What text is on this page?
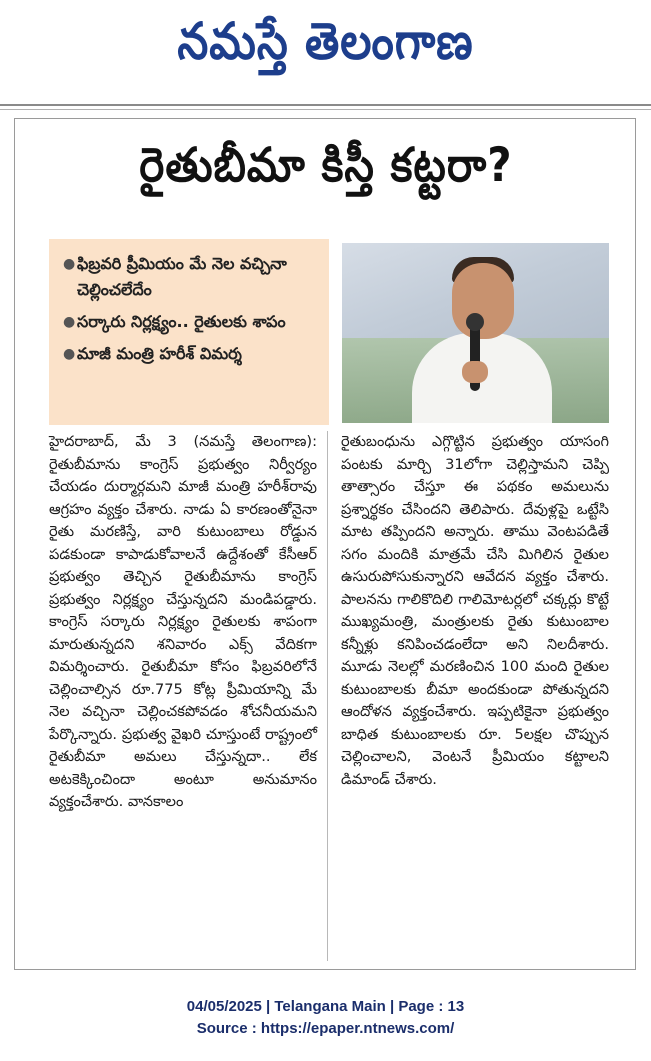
నమస్తే తెలంగాణ
రైతుబీమా కిస్తీ కట్టరా?
● ఫిబ్రవరి ప్రీమియం మే నెల వచ్చినా చెల్లించలేదేం
● సర్కారు నిర్లక్ష్యం.. రైతులకు శాపం
● మాజీ మంత్రి హరీశ్ విమర్శ
హైదరాబాద్, మే 3 (నమస్తే తెలంగాణ): రైతుబీమాను కాంగ్రెస్ ప్రభుత్వం నిర్వీర్యం చేయడం దుర్మార్గమని మాజీ మంత్రి హరీశ్‌రావు ఆగ్రహం వ్యక్తం చేశారు. నాడు ఏ కారణంతోనైనా రైతు మరణిస్తే, వారి కుటుంబాలు రోడ్డున పడకుండా కాపాడుకోవాలనే ఉద్దేశంతో కేసీఆర్ ప్రభుత్వం తెచ్చిన రైతుబీమాను కాంగ్రెస్ ప్రభుత్వం నిర్లక్ష్యం చేస్తున్నదని మండిపడ్డారు. కాంగ్రెస్ సర్కారు నిర్లక్ష్యం రైతులకు శాపంగా మారుతున్నదని శనివారం ఎక్స్ వేదికగా విమర్శించారు. రైతుబీమా కోసం ఫిబ్రవరిలోనే చెల్లించాల్సిన రూ.775 కోట్ల ప్రీమియాన్ని మే నెల వచ్చినా చెల్లించకపోవడం శోచనీయమని పేర్కొన్నారు. ప్రభుత్వ వైఖరి చూస్తుంటే రాష్ట్రంలో రైతుబీమా అమలు చేస్తున్నదా.. లేక అటకెక్కించిందా అంటూ అనుమానం వ్యక్తంచేశారు. వానకాలం
రైతుబంధును ఎగ్గొట్టిన ప్రభుత్వం యాసంగి పంటకు మార్చి 31లోగా చెల్లిస్తామని చెప్పి తాత్సారం చేస్తూ ఈ పథకం అమలును ప్రశ్నార్థకం చేసిందని తెలిపారు. దేవుళ్లపై ఒట్టేసి మాట తప్పిందని అన్నారు. తాము వెంటపడితే సగం మందికి మాత్రమే చేసి మిగిలిన రైతుల ఉసురుపోసుకున్నారని ఆవేదన వ్యక్తం చేశారు. పాలనను గాలికొదిలి గాలిమోటర్లలో చక్కర్లు కొట్టే ముఖ్యమంత్రి, మంత్రులకు రైతు కుటుంబాల కన్నీళ్లు కనిపించడంలేదా అని నిలదీశారు. మూడు నెలల్లో మరణించిన 100 మంది రైతుల కుటుంబాలకు బీమా అందకుండా పోతున్నదని ఆందోళన వ్యక్తంచేశారు. ఇప్పటికైనా ప్రభుత్వం బాధిత కుటుంబాలకు రూ. 5లక్షల చొప్పున చెల్లించాలని, వెంటనే ప్రీమియం కట్టాలని డిమాండ్ చేశారు.
04/05/2025 | Telangana Main | Page : 13
Source : https://epaper.ntnews.com/
